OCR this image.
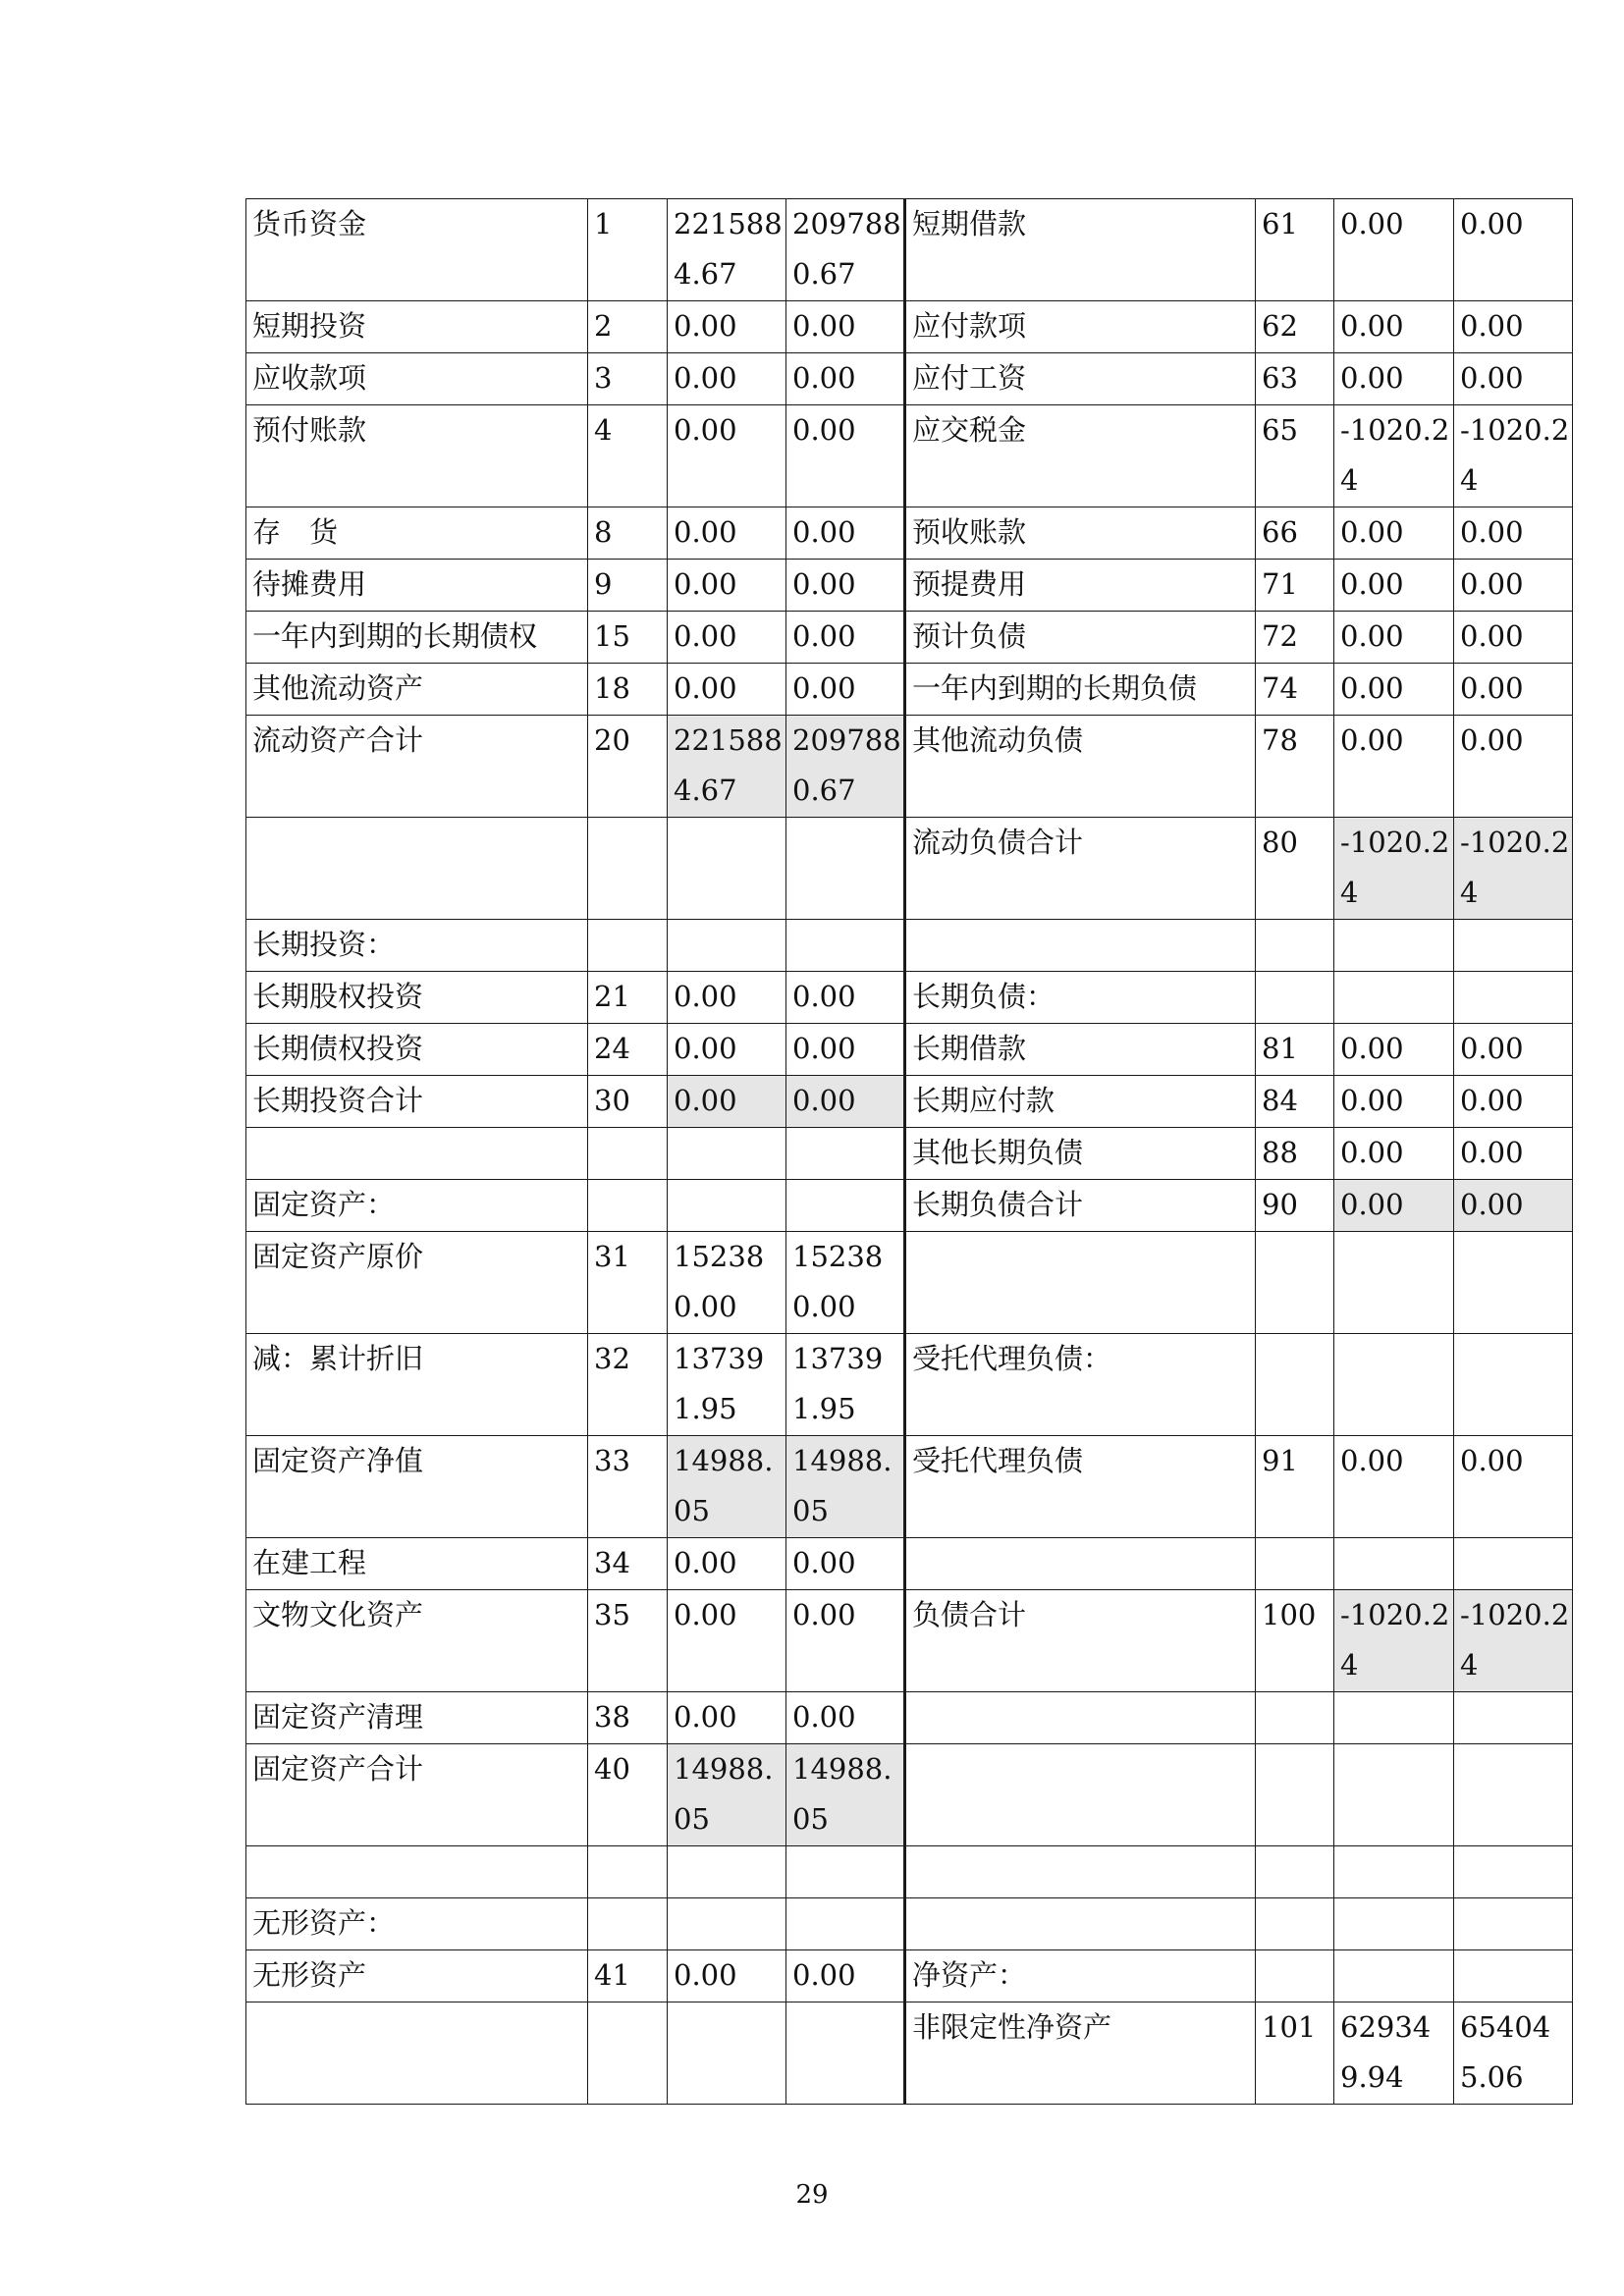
货币资金	1	2215884.67	2097880.67	短期借款	61	0.00	0.00
短期投资	2	0.00	0.00	应付款项	62	0.00	0.00
应收款项	3	0.00	0.00	应付工资	63	0.00	0.00
预付账款	4	0.00	0.00	应交税金	65	-1020.24	-1020.24
存　货	8	0.00	0.00	预收账款	66	0.00	0.00
待摊费用	9	0.00	0.00	预提费用	71	0.00	0.00
一年内到期的长期债权	15	0.00	0.00	预计负债	72	0.00	0.00
其他流动资产	18	0.00	0.00	一年内到期的长期负债	74	0.00	0.00
流动资产合计	20	2215884.67	2097880.67	其他流动负债	78	0.00	0.00
				流动负债合计	80	-1020.24	-1020.24
长期投资：							
长期股权投资	21	0.00	0.00	长期负债：			
长期债权投资	24	0.00	0.00	长期借款	81	0.00	0.00
长期投资合计	30	0.00	0.00	长期应付款	84	0.00	0.00
				其他长期负债	88	0.00	0.00
固定资产：				长期负债合计	90	0.00	0.00
固定资产原价	31	152380.00	152380.00				
减：累计折旧	32	137391.95	137391.95	受托代理负债：			
固定资产净值	33	14988.05	14988.05	受托代理负债	91	0.00	0.00
在建工程	34	0.00	0.00				
文物文化资产	35	0.00	0.00	负债合计	100	-1020.24	-1020.24
固定资产清理	38	0.00	0.00				
固定资产合计	40	14988.05	14988.05				

无形资产：							
无形资产	41	0.00	0.00	净资产：			
				非限定性净资产	101	629349.94	654045.06
29
